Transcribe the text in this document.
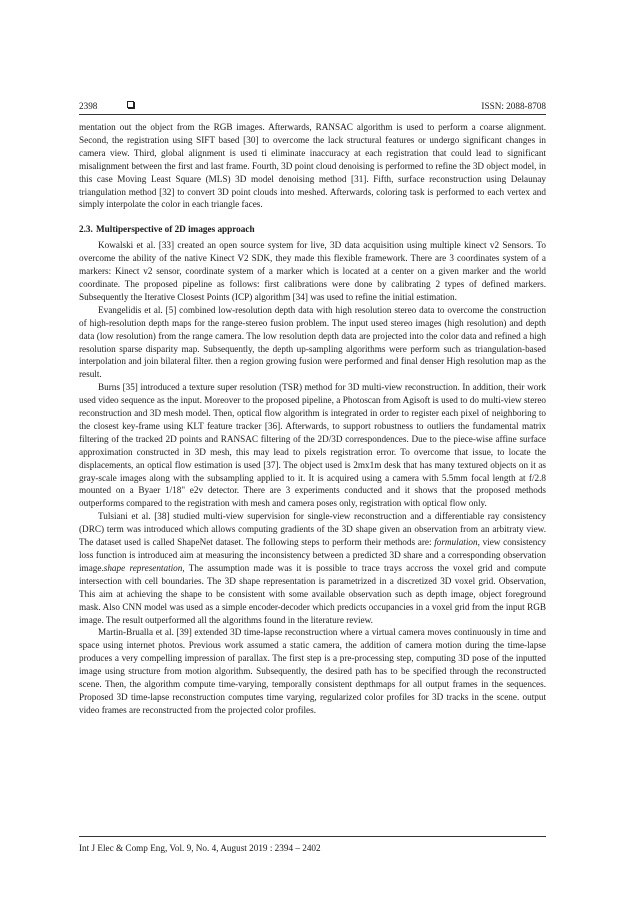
2398	ISSN: 2088-8708

mentation out the object from the RGB images. Afterwards, RANSAC algorithm is used to perform a coarse alignment. Second, the registration using SIFT based [30] to overcome the lack structural features or undergo significant changes in camera view. Third, global alignment is used ti eliminate inaccuracy at each registration that could lead to significant misalignment between the first and last frame. Fourth, 3D point cloud denoising is performed to refine the 3D object model, in this case Moving Least Square (MLS) 3D model denoising method [31]. Fifth, surface reconstruction using Delaunay triangulation method [32] to convert 3D point clouds into meshed. Afterwards, coloring task is performed to each vertex and simply interpolate the color in each triangle faces.

2.3. Multiperspective of 2D images approach

Kowalski et al. [33] created an open source system for live, 3D data acquisition using multiple kinect v2 Sensors. To overcome the ability of the native Kinect V2 SDK, they made this flexible framework. There are 3 coordinates system of a markers: Kinect v2 sensor, coordinate system of a marker which is located at a center on a given marker and the world coordinate. The proposed pipeline as follows: first calibrations were done by calibrating 2 types of defined markers. Subsequently the Iterative Closest Points (ICP) algorithm [34] was used to refine the initial estimation.

Evangelidis et al. [5] combined low-resolution depth data with high resolution stereo data to overcome the construction of high-resolution depth maps for the range-stereo fusion problem. The input used stereo images (high resolution) and depth data (low resolution) from the range camera. The low resolution depth data are projected into the color data and refined a high resolution sparse disparity map. Subsequently, the depth up-sampling algorithms were perform such as triangulation-based interpolation and join bilateral filter. then a region growing fusion were performed and final denser High resolution map as the result.

Burns [35] introduced a texture super resolution (TSR) method for 3D multi-view reconstruction. In addition, their work used video sequence as the input. Moreover to the proposed pipeline, a Photoscan from Agisoft is used to do multi-view stereo reconstruction and 3D mesh model. Then, optical flow algorithm is integrated in order to register each pixel of neighboring to the closest key-frame using KLT feature tracker [36]. Afterwards, to support robustness to outliers the fundamental matrix filtering of the tracked 2D points and RANSAC filtering of the 2D/3D correspondences. Due to the piece-wise affine surface approximation constructed in 3D mesh, this may lead to pixels registration error. To overcome that issue, to locate the displacements, an optical flow estimation is used [37]. The object used is 2mx1m desk that has many textured objects on it as gray-scale images along with the subsampling applied to it. It is acquired using a camera with 5.5mm focal length at f/2.8 mounted on a Byaer 1/18" e2v detector. There are 3 experiments conducted and it shows that the proposed methods outperforms compared to the registration with mesh and camera poses only, registration with optical flow only.

Tulsiani et al. [38] studied multi-view supervision for single-view reconstruction and a differentiable ray consistency (DRC) term was introduced which allows computing gradients of the 3D shape given an observation from an arbitraty view. The dataset used is called ShapeNet dataset. The following steps to perform their methods are: formulation, view consistency loss function is introduced aim at measuring the inconsistency between a predicted 3D share and a corresponding observation image.shape representation, The assumption made was it is possible to trace trays accross the voxel grid and compute intersection with cell boundaries. The 3D shape representation is parametrized in a discretized 3D voxel grid. Observation, This aim at achieving the shape to be consistent with some available observation such as depth image, object foreground mask. Also CNN model was used as a simple encoder-decoder which predicts occupancies in a voxel grid from the input RGB image. The result outperformed all the algorithms found in the literature review.

Martin-Brualla et al. [39] extended 3D time-lapse reconstruction where a virtual camera moves continuously in time and space using internet photos. Previous work assumed a static camera, the addition of camera motion during the time-lapse produces a very compelling impression of parallax. The first step is a pre-processing step, computing 3D pose of the inputted image using structure from motion algorithm. Subsequently, the desired path has to be specified through the reconstructed scene. Then, the algorithm compute time-varying, temporally consistent depthmaps for all output frames in the sequences. Proposed 3D time-lapse reconstruction computes time varying, regularized color profiles for 3D tracks in the scene. output video frames are reconstructed from the projected color profiles.

Int J Elec & Comp Eng, Vol. 9, No. 4, August 2019 : 2394 – 2402
